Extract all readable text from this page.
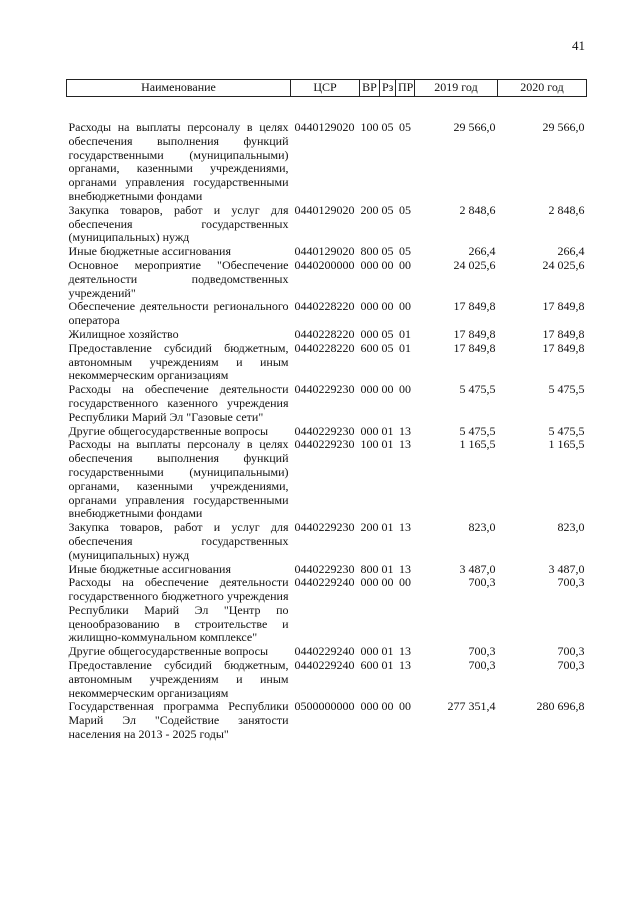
41
Наименование	ЦСР	ВР	Рз	ПР	2019 год	2020 год
Расходы на выплаты персоналу в целях обеспечения выполнения функций государственными (муниципальными) органами, казенными учреждениями, органами управления государственными внебюджетными фондами	0440129020	100	05	05	29 566,0	29 566,0
Закупка товаров, работ и услуг для обеспечения государственных (муниципальных) нужд	0440129020	200	05	05	2 848,6	2 848,6
Иные бюджетные ассигнования	0440129020	800	05	05	266,4	266,4
Основное мероприятие "Обеспечение деятельности подведомственных учреждений"	0440200000	000	00	00	24 025,6	24 025,6
Обеспечение деятельности регионального оператора	0440228220	000	00	00	17 849,8	17 849,8
Жилищное хозяйство	0440228220	000	05	01	17 849,8	17 849,8
Предоставление субсидий бюджетным, автономным учреждениям и иным некоммерческим организациям	0440228220	600	05	01	17 849,8	17 849,8
Расходы на обеспечение деятельности государственного казенного учреждения Республики Марий Эл "Газовые сети"	0440229230	000	00	00	5 475,5	5 475,5
Другие общегосударственные вопросы	0440229230	000	01	13	5 475,5	5 475,5
Расходы на выплаты персоналу в целях обеспечения выполнения функций государственными (муниципальными) органами, казенными учреждениями, органами управления государственными внебюджетными фондами	0440229230	100	01	13	1 165,5	1 165,5
Закупка товаров, работ и услуг для обеспечения государственных (муниципальных) нужд	0440229230	200	01	13	823,0	823,0
Иные бюджетные ассигнования	0440229230	800	01	13	3 487,0	3 487,0
Расходы на обеспечение деятельности государственного бюджетного учреждения Республики Марий Эл "Центр по ценообразованию в строительстве и жилищно-коммунальном комплексе"	0440229240	000	00	00	700,3	700,3
Другие общегосударственные вопросы	0440229240	000	01	13	700,3	700,3
Предоставление субсидий бюджетным, автономным учреждениям и иным некоммерческим организациям	0440229240	600	01	13	700,3	700,3
Государственная программа Республики Марий Эл "Содействие занятости населения на 2013 - 2025 годы"	0500000000	000	00	00	277 351,4	280 696,8
